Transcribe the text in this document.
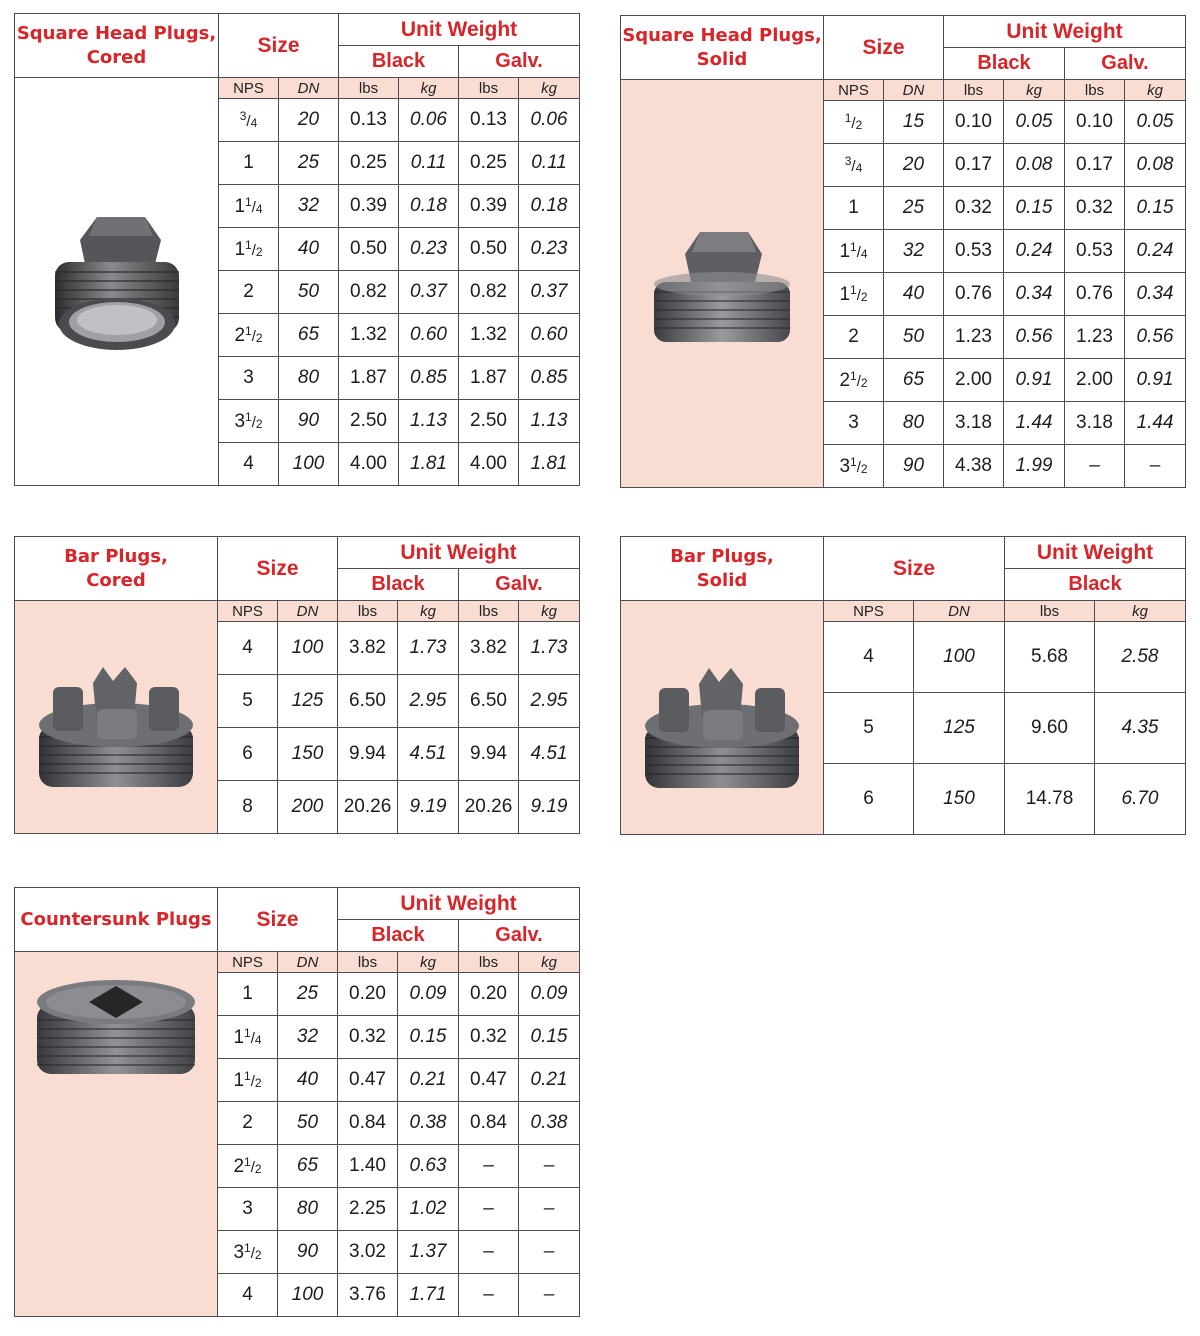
Square Head Plugs,
Cored	Size		Unit Weight			
			Black		Galv.	

	NPS	DN	lbs	kg	lbs	kg
	$^3$/4	20	0.13	0.06	0.13	0.06
	1	25	0.25	0.11	0.25	0.11
	$1^1/4$	32	0.39	0.18	0.39	0.18
	$1^1/2$	40	0.50	0.23	0.50	0.23
	2	50	0.82	0.37	0.82	0.37
	$2^1/2$	65	1.32	0.60	1.32	0.60
	3	80	1.87	0.85	1.87	0.85
	$3^1/2$	90	2.50	1.13	2.50	1.13
	4	100	4.00	1.81	4.00	1.81
Square Head Plugs,
Solid	Size		Unit Weight			
			Black		Galv.	

	NPS	DN	lbs	kg	lbs	kg
	$^1$/2	15	0.10	0.05	0.10	0.05
	$^3$/4	20	0.17	0.08	0.17	0.08
	1	25	0.32	0.15	0.32	0.15
	$1^1/4$	32	0.53	0.24	0.53	0.24
	$1^1/2$	40	0.76	0.34	0.76	0.34
	2	50	1.23	0.56	1.23	0.56
	$2^1/2$	65	2.00	0.91	2.00	0.91
	3	80	3.18	1.44	3.18	1.44
	$3^1/2$	90	4.38	1.99	–	–
Bar Plugs,
Cored	Size		Unit Weight			
			Black		Galv.	

	NPS	DN	lbs	kg	lbs	kg
	4	100	3.82	1.73	3.82	1.73
	5	125	6.50	2.95	6.50	2.95
	6	150	9.94	4.51	9.94	4.51
	8	200	20.26	9.19	20.26	9.19
Bar Plugs,
Solid	Size		Unit Weight	
			Black	

	NPS	DN	lbs	kg
	4	100	5.68	2.58
	5	125	9.60	4.35
	6	150	14.78	6.70
Countersunk Plugs	Size		Unit Weight			
			Black		Galv.	

	NPS	DN	lbs	kg	lbs	kg
	1	25	0.20	0.09	0.20	0.09
	$1^1/4$	32	0.32	0.15	0.32	0.15
	$1^1/2$	40	0.47	0.21	0.47	0.21
	2	50	0.84	0.38	0.84	0.38
	$2^1/2$	65	1.40	0.63	–	–
	3	80	2.25	1.02	–	–
	$3^1/2$	90	3.02	1.37	–	–
	4	100	3.76	1.71	–	–
